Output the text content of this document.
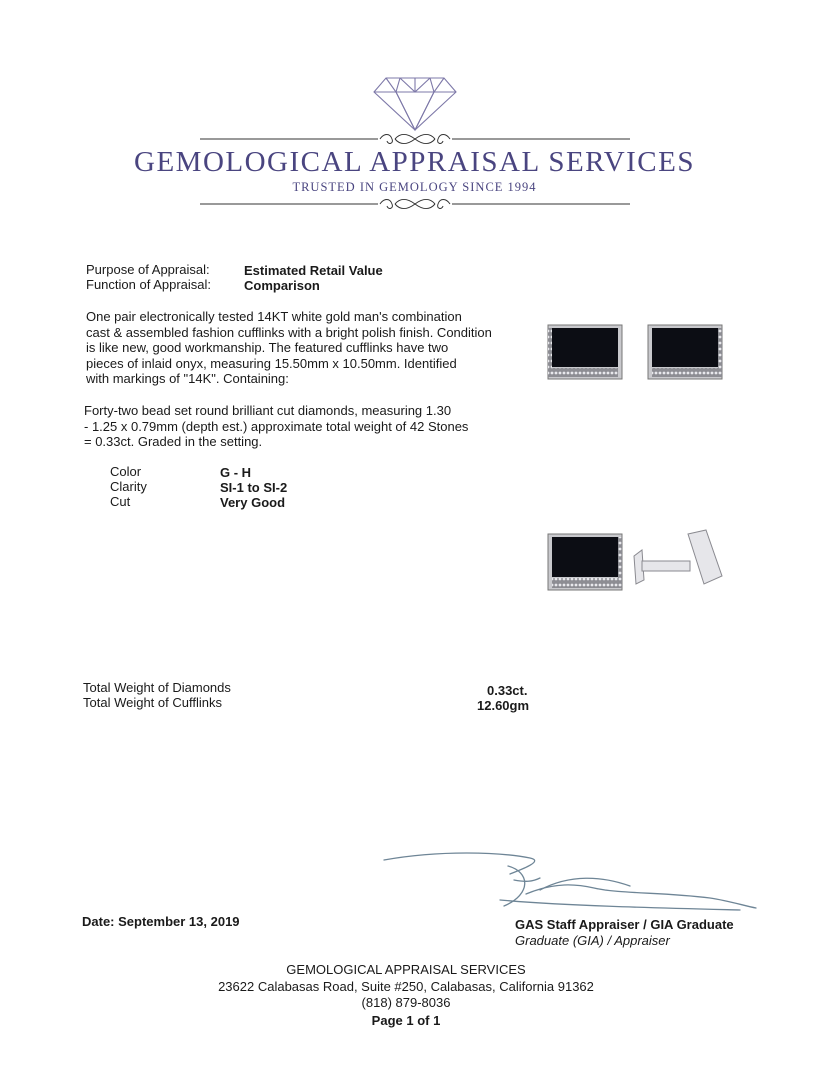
GEMOLOGICAL APPRAISAL SERVICES
TRUSTED IN GEMOLOGY SINCE 1994
Purpose of Appraisal:	Estimated Retail Value
Function of Appraisal:	Comparison
One pair electronically tested 14KT white gold man's combination
cast & assembled fashion cufflinks with a bright polish finish. Condition
is like new, good workmanship. The featured cufflinks have two
pieces of inlaid onyx, measuring 15.50mm x 10.50mm. Identified
with markings of "14K". Containing:
Forty-two bead set round brilliant cut diamonds, measuring 1.30
- 1.25 x 0.79mm (depth est.) approximate total weight of 42 Stones
= 0.33ct. Graded in the setting.
Color	G - H
Clarity	SI-1 to SI-2
Cut	Very Good
Total Weight of Diamonds	0.33ct.
Total Weight of Cufflinks	12.60gm
Date: September 13, 2019	GAS Staff Appraiser / GIA Graduate
Graduate (GIA) / Appraiser
GEMOLOGICAL APPRAISAL SERVICES
23622 Calabasas Road, Suite #250, Calabasas, California 91362
(818) 879-8036
Page 1 of 1
